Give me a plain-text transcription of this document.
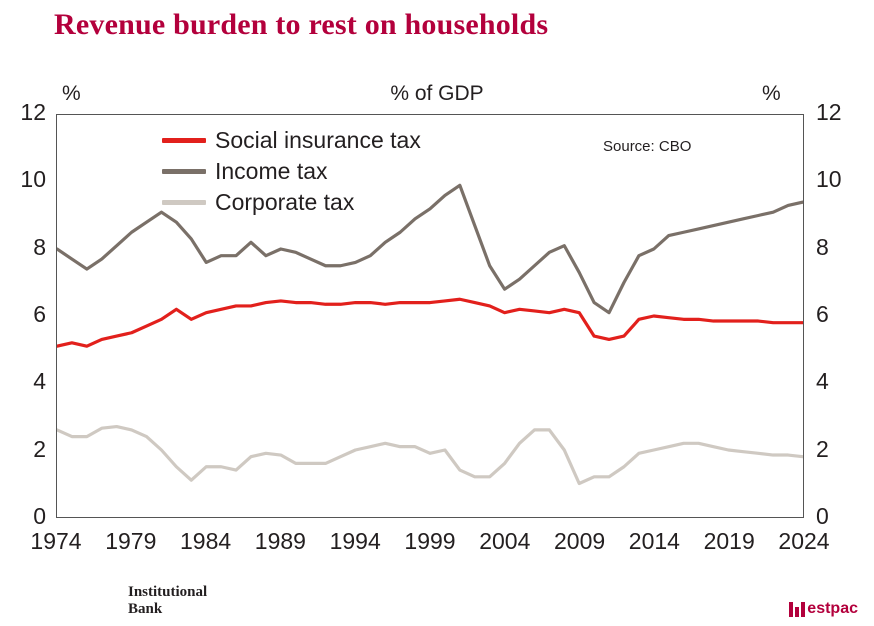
Revenue burden to rest on households
%	% of GDP	%
0
2
4
6
8
10
12
0
2
4
6
8
10
12
1974	1979	1984	1989	1994	1999	2004	2009	2014	2019	2024
Social insurance tax
Income tax
Corporate tax
Source: CBO
Institutional
Bank	estpac
